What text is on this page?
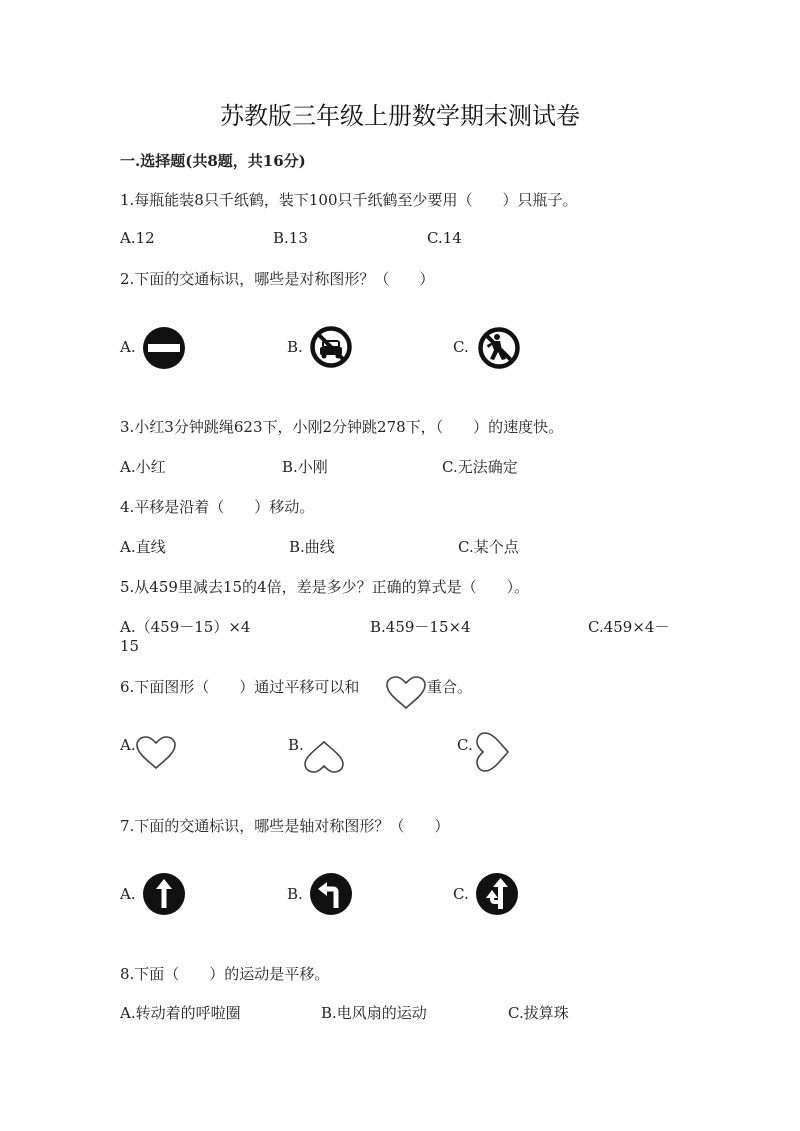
苏教版三年级上册数学期末测试卷
一.选择题(共8题，共16分)
1.每瓶能装8只千纸鹤，装下100只千纸鹤至少要用（　　）只瓶子。
A.12	B.13	C.14
2.下面的交通标识，哪些是对称图形？（　　）
A.	B.	C.
3.小红3分钟跳绳623下，小刚2分钟跳278下，（　　）的速度快。
A.小红	B.小刚	C.无法确定
4.平移是沿着（　　）移动。
A.直线	B.曲线	C.某个点
5.从459里减去15的4倍，差是多少？正确的算式是（　　）。
A.（459－15）×4	B.459－15×4	C.459×4－
15
6.下面图形（　　）通过平移可以和	重合。
A.	B.	C.
7.下面的交通标识，哪些是轴对称图形？（　　）
A.	B.	C.
8.下面（　　）的运动是平移。
A.转动着的呼啦圈	B.电风扇的运动	C.拔算珠
